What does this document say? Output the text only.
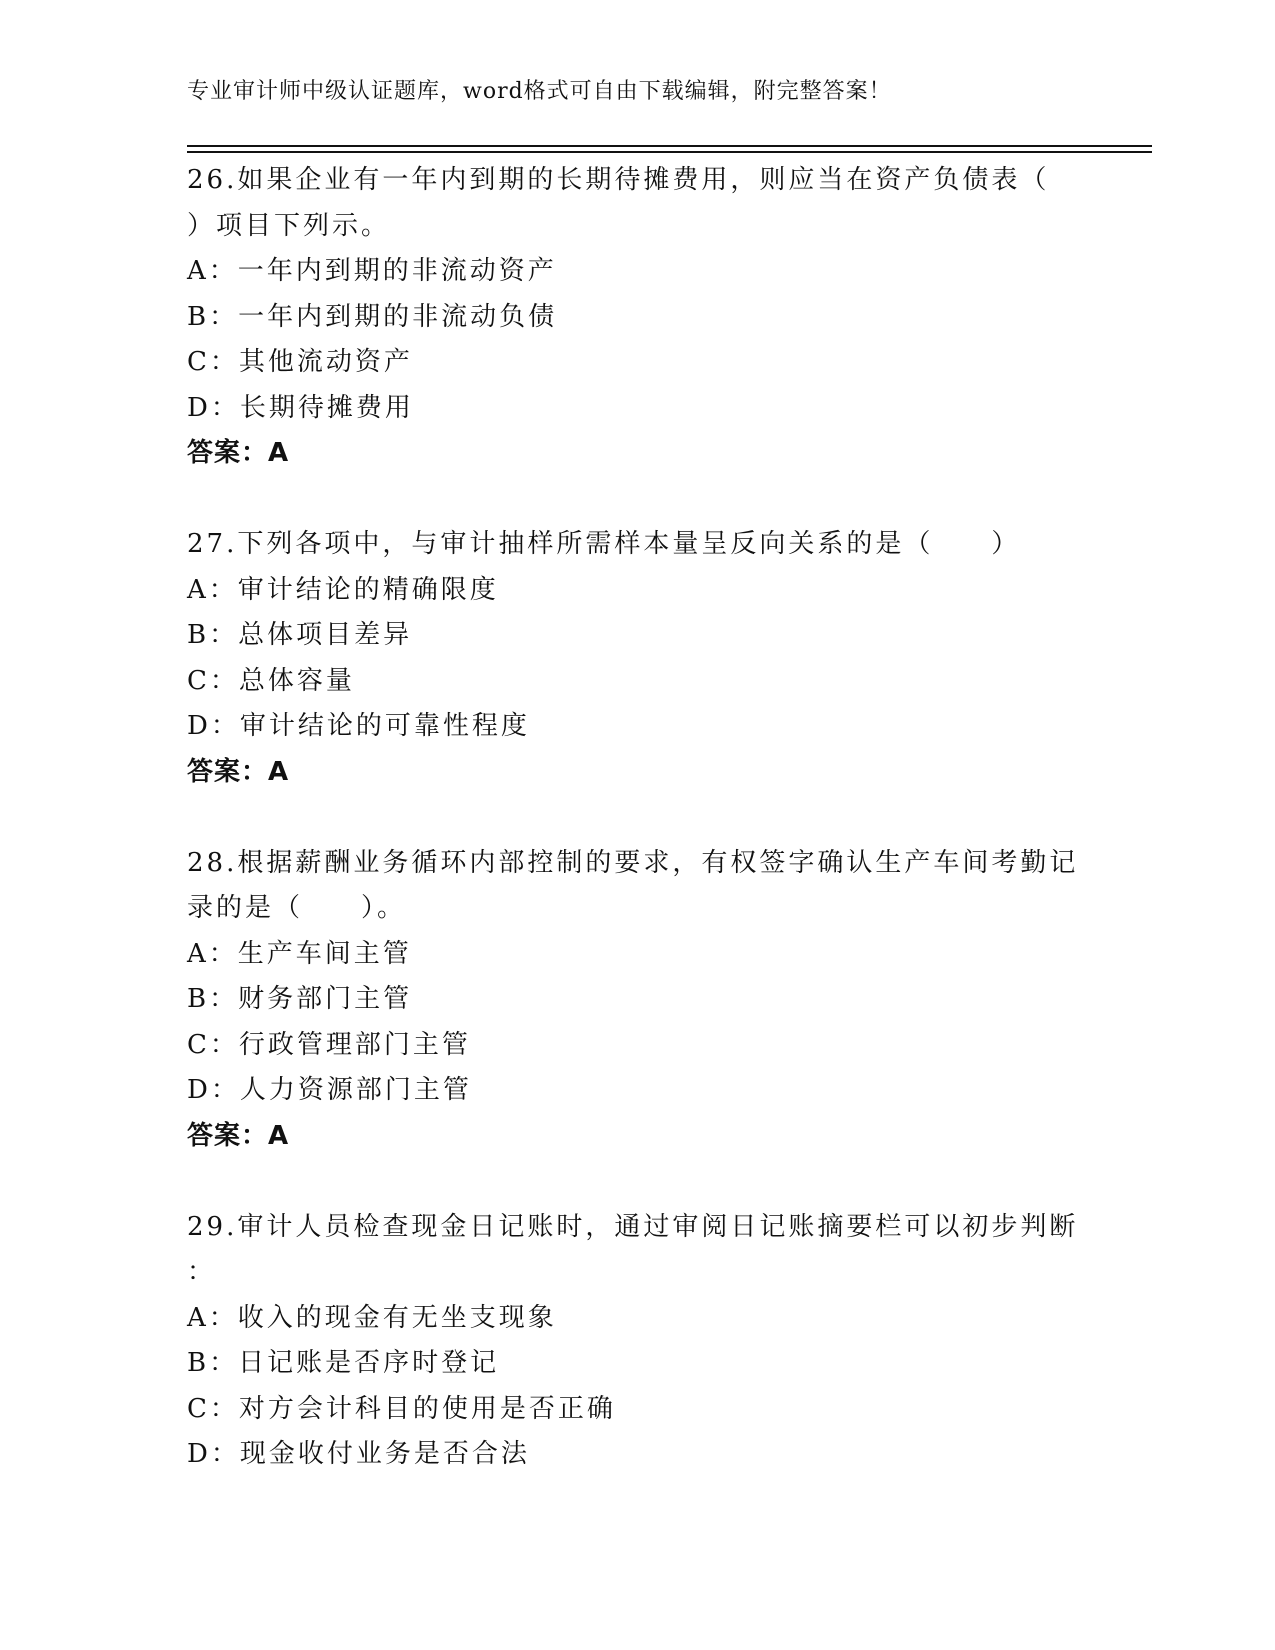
专业审计师中级认证题库，word格式可自由下载编辑，附完整答案！
26.如果企业有一年内到期的长期待摊费用，则应当在资产负债表（
）项目下列示。
A：一年内到期的非流动资产
B：一年内到期的非流动负债
C：其他流动资产
D：长期待摊费用
答案：A
27.下列各项中，与审计抽样所需样本量呈反向关系的是（　　）
A：审计结论的精确限度
B：总体项目差异
C：总体容量
D：审计结论的可靠性程度
答案：A
28.根据薪酬业务循环内部控制的要求，有权签字确认生产车间考勤记
录的是（　　）。
A：生产车间主管
B：财务部门主管
C：行政管理部门主管
D：人力资源部门主管
答案：A
29.审计人员检查现金日记账时，通过审阅日记账摘要栏可以初步判断
：
A：收入的现金有无坐支现象
B：日记账是否序时登记
C：对方会计科目的使用是否正确
D：现金收付业务是否合法
